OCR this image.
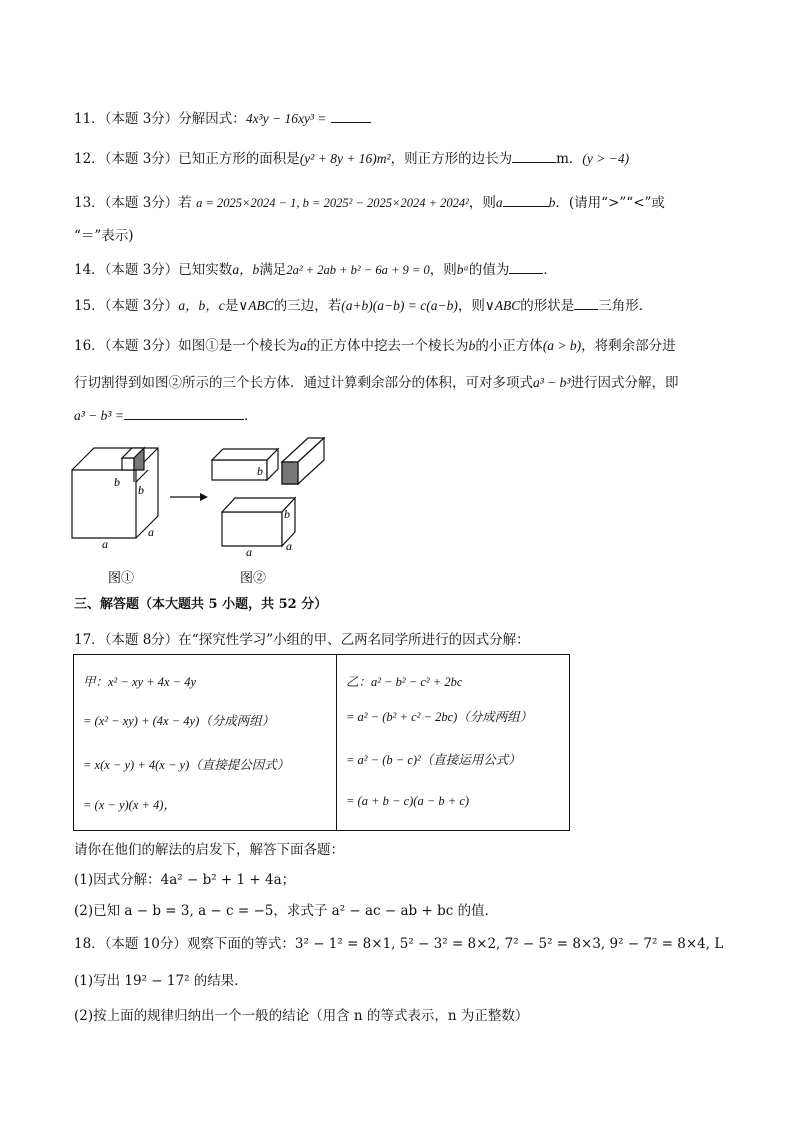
11．（本题 3分）分解因式：4x³y − 16xy³ =
12．（本题 3分）已知正方形的面积是(y² + 8y + 16)m²，则正方形的边长为	m．(y > −4)
13．（本题 3分）若 a = 2025×2024 − 1, b = 2025² − 2025×2024 + 2024²，则a	b．(请用“>”“<”或
“＝”表示)
14．（本题 3分）已知实数a，b满足2a² + 2ab + b² − 6a + 9 = 0，则bᵃ的值为	．
15．（本题 3分）a，b，c是∨ABC的三边，若(a+b)(a−b) = c(a−b)，则∨ABC的形状是 三角形．
16．（本题 3分）如图①是一个棱长为a的正方体中挖去一个棱长为b的小正方体(a > b)，将剩余部分进
行切割得到如图②所示的三个长方体．通过计算剩余部分的体积，可对多项式a³ − b³进行因式分解，即
a³ − b³ =	．
b
b
a
a
b
b
a	a
图①	图②
三、解答题（本大题共 5 小题，共 52 分）
17．（本题 8分）在“探究性学习”小组的甲、乙两名同学所进行的因式分解：
甲：x² − xy + 4x − 4y
= (x² − xy) + (4x − 4y)（分成两组）
= x(x − y) + 4(x − y)（直接提公因式）
= (x − y)(x + 4)，

乙：a² − b² − c² + 2bc
= a² − (b² + c² − 2bc)（分成两组）
= a² − (b − c)²（直接运用公式）
= (a + b − c)(a − b + c)
请你在他们的解法的启发下，解答下面各题：
(1)因式分解：4a² − b² + 1 + 4a；
(2)已知 a − b = 3, a − c = −5，求式子 a² − ac − ab + bc 的值．
18．（本题 10分）观察下面的等式：3² − 1² = 8×1, 5² − 3² = 8×2, 7² − 5² = 8×3, 9² − 7² = 8×4, L
(1)写出 19² − 17² 的结果．
(2)按上面的规律归纳出一个一般的结论（用含 n 的等式表示，n 为正整数）
